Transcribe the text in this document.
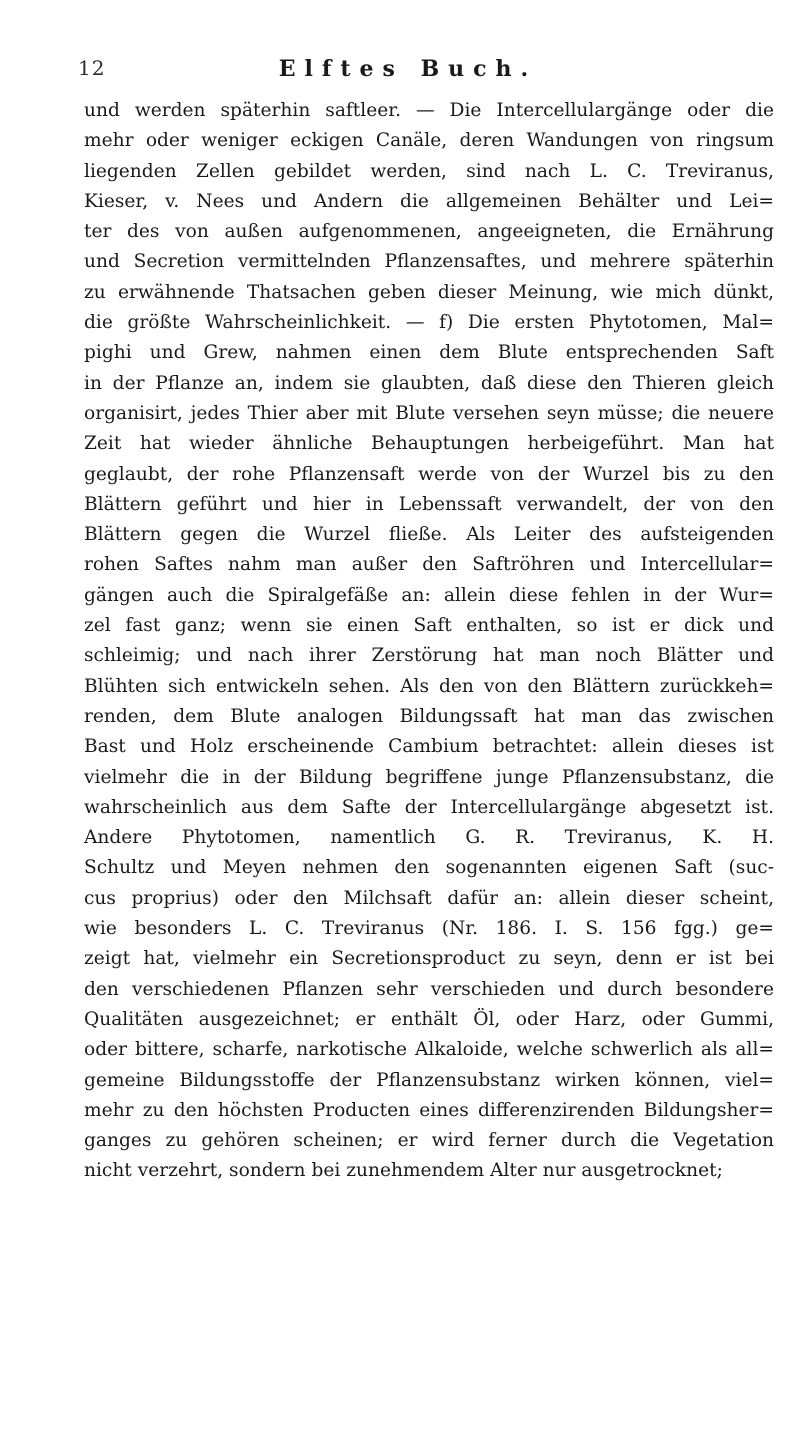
12	Elftes Buch.
und werden späterhin saftleer. — Die Intercellulargänge oder die
mehr oder weniger eckigen Canäle, deren Wandungen von ringsum
liegenden Zellen gebildet werden, sind nach L. C. Treviranus,
Kieser, v. Nees und Andern die allgemeinen Behälter und Lei=
ter des von außen aufgenommenen, angeeigneten, die Ernährung
und Secretion vermittelnden Pflanzensaftes, und mehrere späterhin
zu erwähnende Thatsachen geben dieser Meinung, wie mich dünkt,
die größte Wahrscheinlichkeit. — f) Die ersten Phytotomen, Mal=
pighi und Grew, nahmen einen dem Blute entsprechenden Saft
in der Pflanze an, indem sie glaubten, daß diese den Thieren gleich
organisirt, jedes Thier aber mit Blute versehen seyn müsse; die neuere
Zeit hat wieder ähnliche Behauptungen herbeigeführt. Man hat
geglaubt, der rohe Pflanzensaft werde von der Wurzel bis zu den
Blättern geführt und hier in Lebenssaft verwandelt, der von den
Blättern gegen die Wurzel fließe. Als Leiter des aufsteigenden
rohen Saftes nahm man außer den Saftröhren und Intercellular=
gängen auch die Spiralgefäße an: allein diese fehlen in der Wur=
zel fast ganz; wenn sie einen Saft enthalten, so ist er dick und
schleimig; und nach ihrer Zerstörung hat man noch Blätter und
Blühten sich entwickeln sehen. Als den von den Blättern zurückkeh=
renden, dem Blute analogen Bildungssaft hat man das zwischen
Bast und Holz erscheinende Cambium betrachtet: allein dieses ist
vielmehr die in der Bildung begriffene junge Pflanzensubstanz, die
wahrscheinlich aus dem Safte der Intercellulargänge abgesetzt ist.
Andere Phytotomen, namentlich G. R. Treviranus, K. H.
Schultz und Meyen nehmen den sogenannten eigenen Saft (suc-
cus proprius) oder den Milchsaft dafür an: allein dieser scheint,
wie besonders L. C. Treviranus (Nr. 186. I. S. 156 fgg.) ge=
zeigt hat, vielmehr ein Secretionsproduct zu seyn, denn er ist bei
den verschiedenen Pflanzen sehr verschieden und durch besondere
Qualitäten ausgezeichnet; er enthält Öl, oder Harz, oder Gummi,
oder bittere, scharfe, narkotische Alkaloide, welche schwerlich als all=
gemeine Bildungsstoffe der Pflanzensubstanz wirken können, viel=
mehr zu den höchsten Producten eines differenzirenden Bildungsher=
ganges zu gehören scheinen; er wird ferner durch die Vegetation
nicht verzehrt, sondern bei zunehmendem Alter nur ausgetrocknet;
